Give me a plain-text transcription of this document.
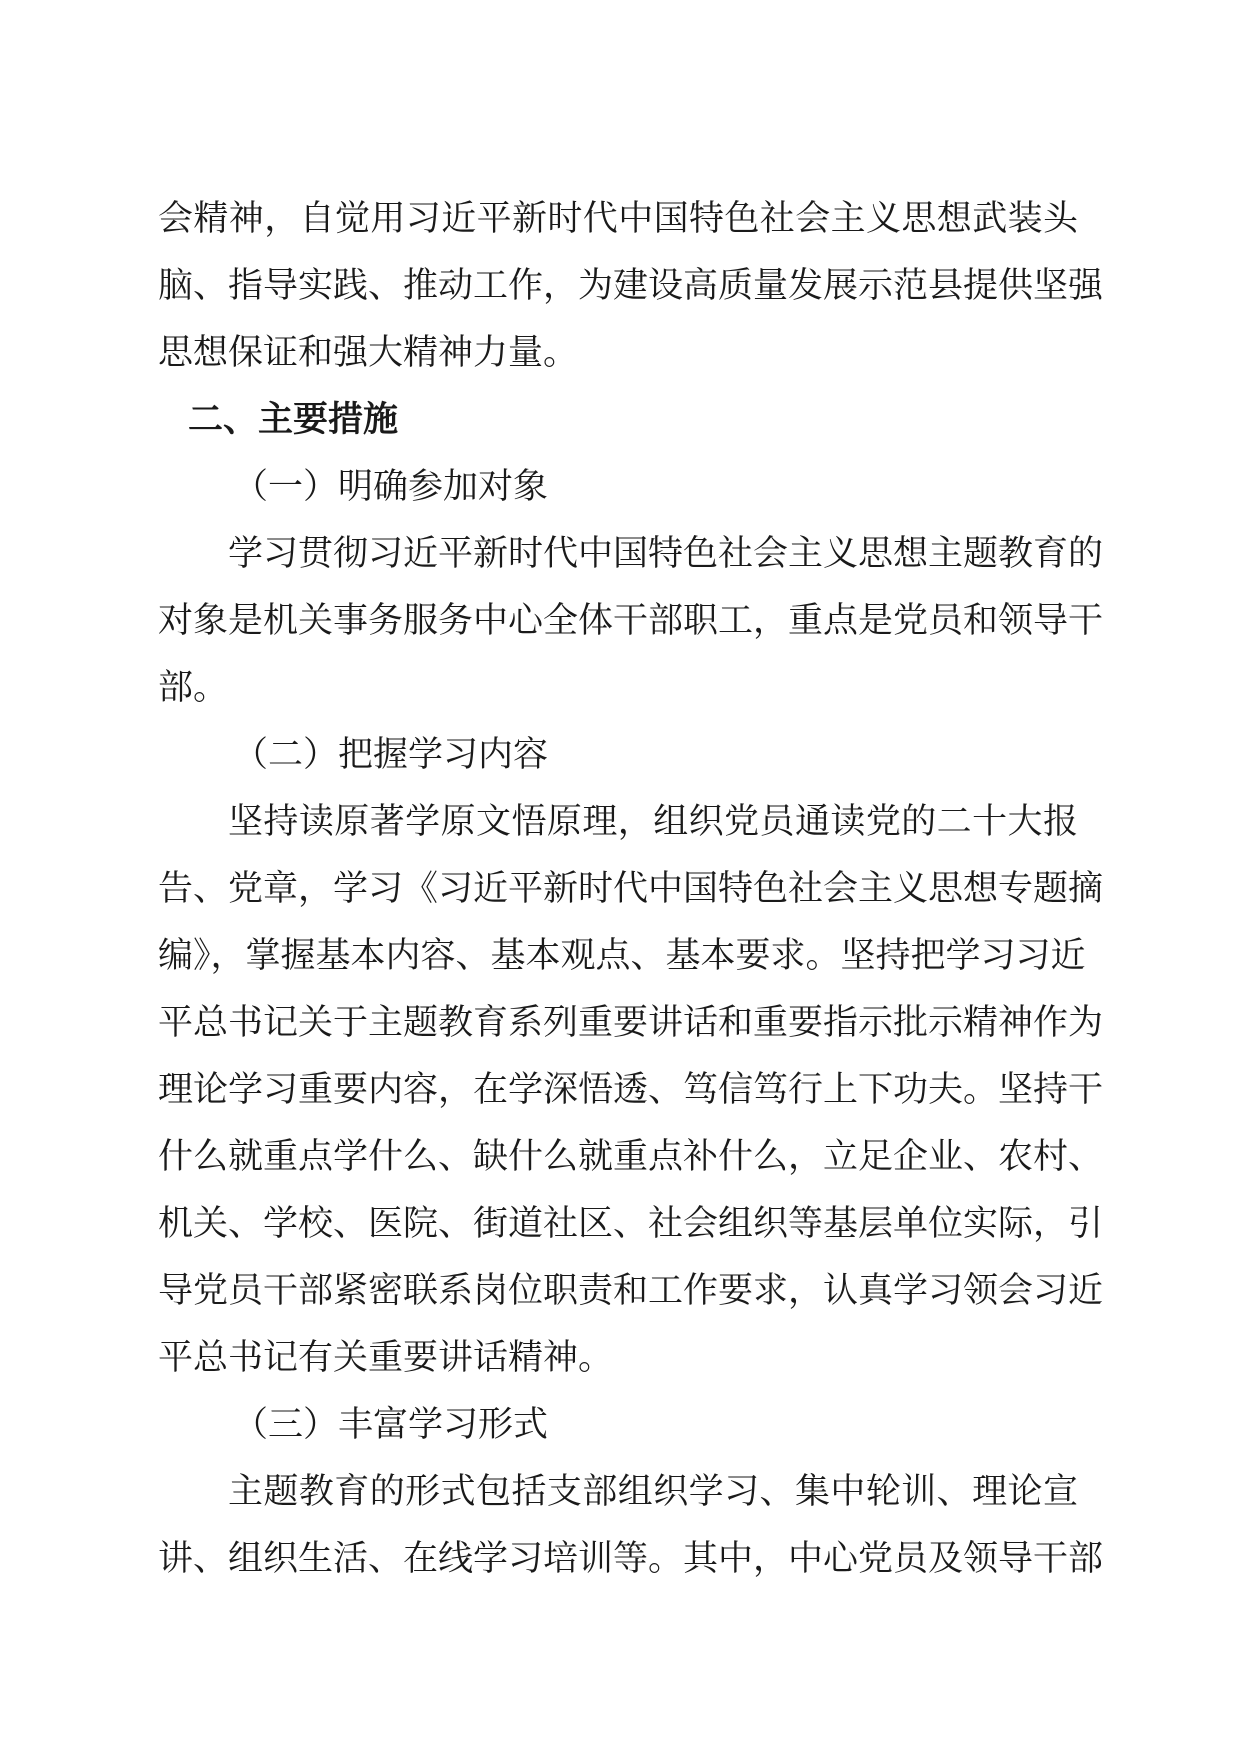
会精神，自觉用习近平新时代中国特色社会主义思想武装头
脑、指导实践、推动工作，为建设高质量发展示范县提供坚强
思想保证和强大精神力量。
二、主要措施
（一）明确参加对象
学习贯彻习近平新时代中国特色社会主义思想主题教育的
对象是机关事务服务中心全体干部职工，重点是党员和领导干
部。
（二）把握学习内容
坚持读原著学原文悟原理，组织党员通读党的二十大报
告、党章，学习《习近平新时代中国特色社会主义思想专题摘
编》，掌握基本内容、基本观点、基本要求。坚持把学习习近
平总书记关于主题教育系列重要讲话和重要指示批示精神作为
理论学习重要内容，在学深悟透、笃信笃行上下功夫。坚持干
什么就重点学什么、缺什么就重点补什么，立足企业、农村、
机关、学校、医院、街道社区、社会组织等基层单位实际，引
导党员干部紧密联系岗位职责和工作要求，认真学习领会习近
平总书记有关重要讲话精神。
（三）丰富学习形式
主题教育的形式包括支部组织学习、集中轮训、理论宣
讲、组织生活、在线学习培训等。其中，中心党员及领导干部
